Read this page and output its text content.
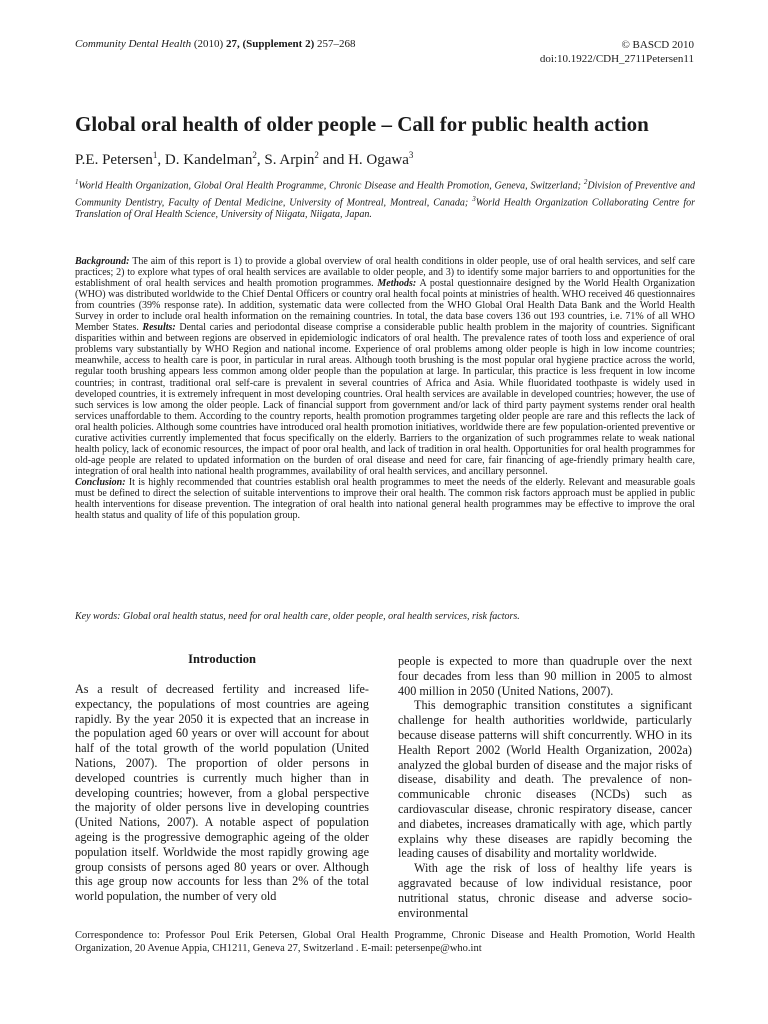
Community Dental Health (2010) 27, (Supplement 2) 257–268	© BASCD 2010
doi:10.1922/CDH_2711Petersen11
Global oral health of older people – Call for public health action
P.E. Petersen$^1$, D. Kandelman$^2$, S. Arpin$^2$ and H. Ogawa$^3$
$^1$World Health Organization, Global Oral Health Programme, Chronic Disease and Health Promotion, Geneva, Switzerland; $^2$Division of Preventive and Community Dentistry, Faculty of Dental Medicine, University of Montreal, Montreal, Canada; $^3$World Health Organization Collaborating Centre for Translation of Oral Health Science, University of Niigata, Niigata, Japan.

Background: The aim of this report is 1) to provide a global overview of oral health conditions in older people, use of oral health services, and self care practices; 2) to explore what types of oral health services are available to older people, and 3) to identify some major barriers to and opportunities for the establishment of oral health services and health promotion programmes. Methods: A postal questionnaire designed by the World Health Organization (WHO) was distributed worldwide to the Chief Dental Officers or country oral health focal points at ministries of health. WHO received 46 questionnaires from countries (39% response rate). In addition, systematic data were collected from the WHO Global Oral Health Data Bank and the World Health Survey in order to include oral health information on the remaining countries. In total, the data base covers 136 out 193 countries, i.e. 71% of all WHO Member States. Results: Dental caries and periodontal disease comprise a considerable public health problem in the majority of countries. Significant disparities within and between regions are observed in epidemiologic indicators of oral health. The prevalence rates of tooth loss and experience of oral problems vary substantially by WHO Region and national income. Experience of oral problems among older people is high in low income countries; meanwhile, access to health care is poor, in particular in rural areas. Although tooth brushing is the most popular oral hygiene practice across the world, regular tooth brushing appears less common among older people than the population at large. In particular, this practice is less frequent in low income countries; in contrast, traditional oral self-care is prevalent in several countries of Africa and Asia. While fluoridated toothpaste is widely used in developed countries, it is extremely infrequent in most developing countries. Oral health services are available in developed countries; however, the use of such services is low among the older people. Lack of financial support from government and/or lack of third party payment systems render oral health services unaffordable to them. According to the country reports, health promotion programmes targeting older people are rare and this reflects the lack of oral health policies. Although some countries have introduced oral health promotion initiatives, worldwide there are few population-oriented preventive or curative activities currently implemented that focus specifically on the elderly. Barriers to the organization of such programmes relate to weak national health policy, lack of economic resources, the impact of poor oral health, and lack of tradition in oral health. Opportunities for oral health programmes for old-age people are related to updated information on the burden of oral disease and need for care, fair financing of age-friendly primary health care, integration of oral health into national health programmes, availability of oral health services, and ancillary personnel.

Conclusion: It is highly recommended that countries establish oral health programmes to meet the needs of the elderly. Relevant and measurable goals must be defined to direct the selection of suitable interventions to improve their oral health. The common risk factors approach must be applied in public health interventions for disease prevention. The integration of oral health into national general health programmes may be effective to improve the oral health status and quality of life of this population group.

Key words: Global oral health status, need for oral health care, older people, oral health services, risk factors.
Introduction

As a result of decreased fertility and increased life-expectancy, the populations of most countries are ageing rapidly. By the year 2050 it is expected that an increase in the population aged 60 years or over will account for about half of the total growth of the world population (United Nations, 2007). The proportion of older persons in developed countries is currently much higher than in developing countries; however, from a global perspective the majority of older persons live in developing countries (United Nations, 2007). A notable aspect of population ageing is the progressive demographic ageing of the older population itself. Worldwide the most rapidly growing age group consists of persons aged 80 years or over. Although this age group now accounts for less than 2% of the total world population, the number of very old

people is expected to more than quadruple over the next four decades from less than 90 million in 2005 to almost 400 million in 2050 (United Nations, 2007).

This demographic transition constitutes a significant challenge for health authorities worldwide, particularly because disease patterns will shift concurrently. WHO in its Health Report 2002 (World Health Organization, 2002a) analyzed the global burden of disease and the major risks of disease, disability and death. The prevalence of non-communicable chronic diseases (NCDs) such as cardiovascular disease, chronic respiratory disease, cancer and diabetes, increases dramatically with age, which partly explains why these diseases are rapidly becoming the leading causes of disability and mortality worldwide.

With age the risk of loss of healthy life years is aggravated because of low individual resistance, poor nutritional status, chronic disease and adverse socio-environmental

Correspondence to: Professor Poul Erik Petersen, Global Oral Health Programme, Chronic Disease and Health Promotion, World Health Organization, 20 Avenue Appia, CH1211, Geneva 27, Switzerland . E-mail: petersenpe@who.int
